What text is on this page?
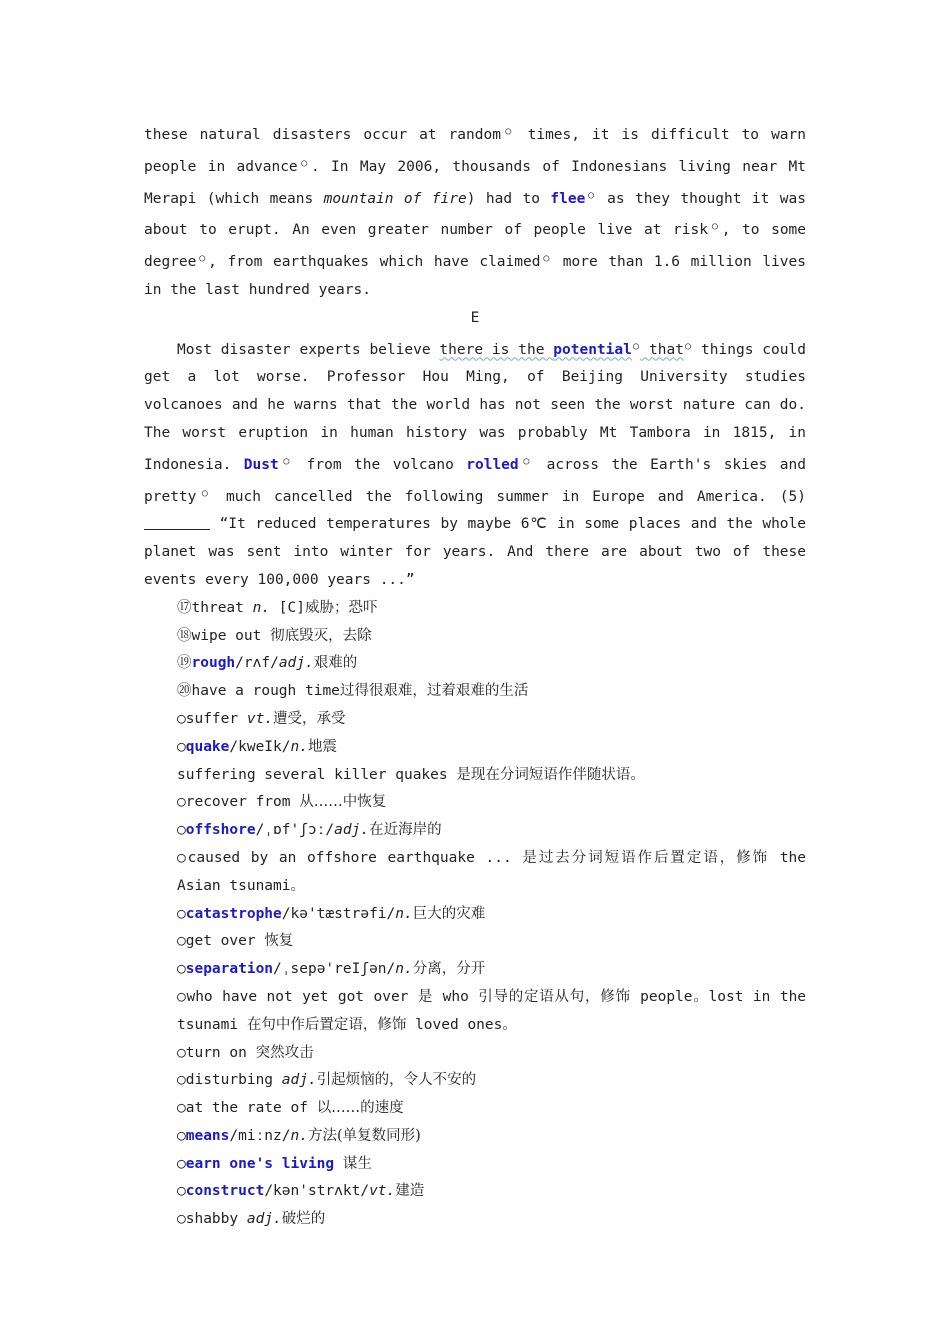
these natural disasters occur at random○ times, it is difficult to warn people in advance○. In May 2006, thousands of Indonesians living near Mt Merapi (which means mountain of fire) had to flee○ as they thought it was about to erupt. An even greater number of people live at risk○, to some degree○, from earthquakes which have claimed○ more than 1.6 million lives in the last hundred years.

E

Most disaster experts believe there is the potential○ that○ things could get a lot worse. Professor Hou Ming, of Beijing University studies volcanoes and he warns that the world has not seen the worst nature can do. The worst eruption in human history was probably Mt Tambora in 1815, in Indonesia. Dust○ from the volcano rolled○ across the Earth's skies and pretty○ much cancelled the following summer in Europe and America. (5) “It reduced temperatures by maybe 6℃ in some places and the whole planet was sent into winter for years. And there are about two of these events every 100,000 years ...”

⑰threat n. [C]威胁；恐吓

⑱wipe out 彻底毁灭，去除

⑲rough/rʌf/adj.艰难的

⑳have a rough time过得很艰难，过着艰难的生活

○suffer vt.遭受，承受

○quake/kweIk/n.地震

suffering several killer quakes 是现在分词短语作伴随状语。

○recover from 从……中恢复

○offshore/ˌɒf'ʃɔː/adj.在近海岸的

○caused by an offshore earthquake ... 是过去分词短语作后置定语，修饰 the Asian tsunami。

○catastrophe/kə'tæstrəfi/n.巨大的灾难

○get over 恢复

○separation/ˌsepə'reIʃən/n.分离，分开

○who have not yet got over 是 who 引导的定语从句，修饰 people。lost in the tsunami 在句中作后置定语，修饰 loved ones。

○turn on 突然攻击

○disturbing adj.引起烦恼的，令人不安的

○at the rate of 以……的速度

○means/miːnz/n.方法(单复数同形)

○earn one's living 谋生

○construct/kən'strʌkt/vt.建造

○shabby adj.破烂的
